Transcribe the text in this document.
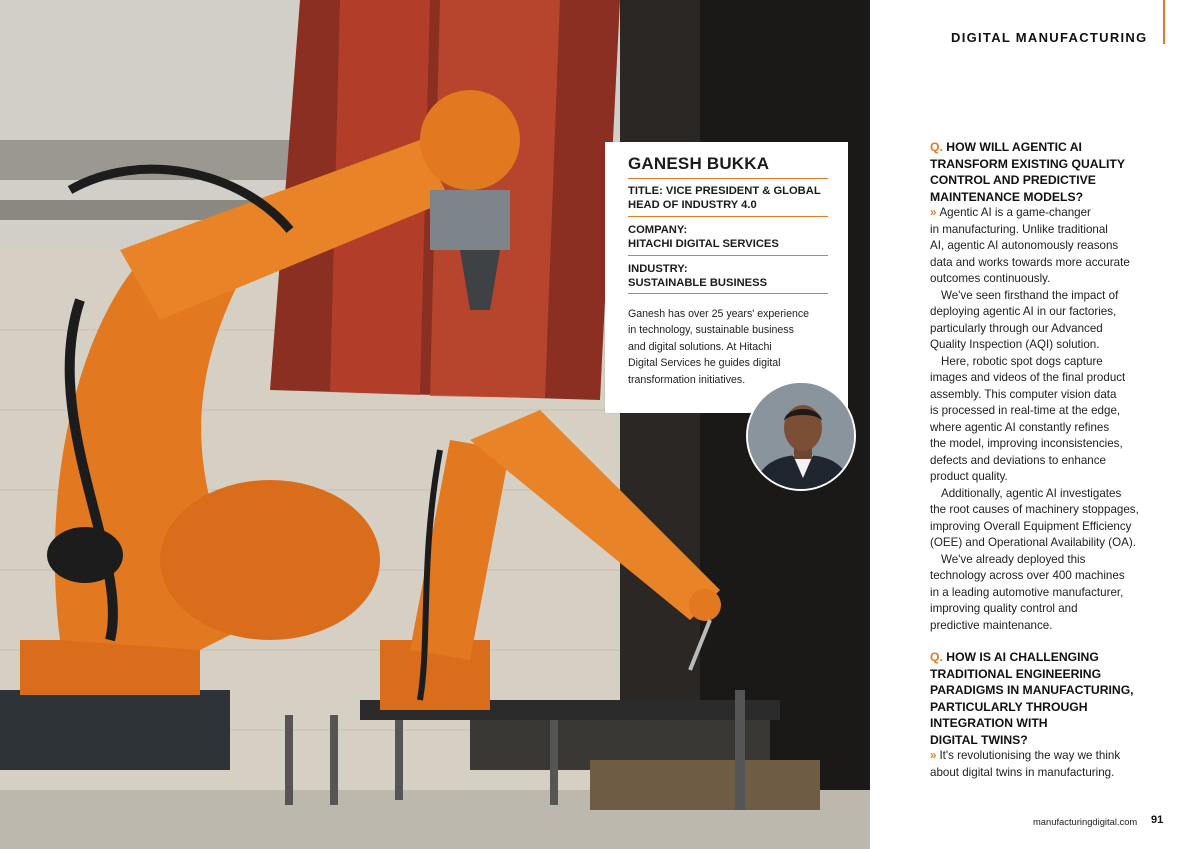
GANESH BUKKA
TITLE: VICE PRESIDENT & GLOBAL
HEAD OF INDUSTRY 4.0
COMPANY:
HITACHI DIGITAL SERVICES
INDUSTRY:
SUSTAINABLE BUSINESS
Ganesh has over 25 years' experience
in technology, sustainable business
and digital solutions. At Hitachi
Digital Services he guides digital
transformation initiatives.
DIGITAL MANUFACTURING
Q. HOW WILL AGENTIC AI
TRANSFORM EXISTING QUALITY
CONTROL AND PREDICTIVE
MAINTENANCE MODELS?
» Agentic AI is a game-changer
in manufacturing. Unlike traditional
AI, agentic AI autonomously reasons
data and works towards more accurate
outcomes continuously.
We've seen firsthand the impact of
deploying agentic AI in our factories,
particularly through our Advanced
Quality Inspection (AQI) solution.
Here, robotic spot dogs capture
images and videos of the final product
assembly. This computer vision data
is processed in real-time at the edge,
where agentic AI constantly refines
the model, improving inconsistencies,
defects and deviations to enhance
product quality.
Additionally, agentic AI investigates
the root causes of machinery stoppages,
improving Overall Equipment Efficiency
(OEE) and Operational Availability (OA).
We've already deployed this
technology across over 400 machines
in a leading automotive manufacturer,
improving quality control and
predictive maintenance.
Q. HOW IS AI CHALLENGING
TRADITIONAL ENGINEERING
PARADIGMS IN MANUFACTURING,
PARTICULARLY THROUGH
INTEGRATION WITH
DIGITAL TWINS?
» It's revolutionising the way we think
about digital twins in manufacturing.
manufacturingdigital.com 91
